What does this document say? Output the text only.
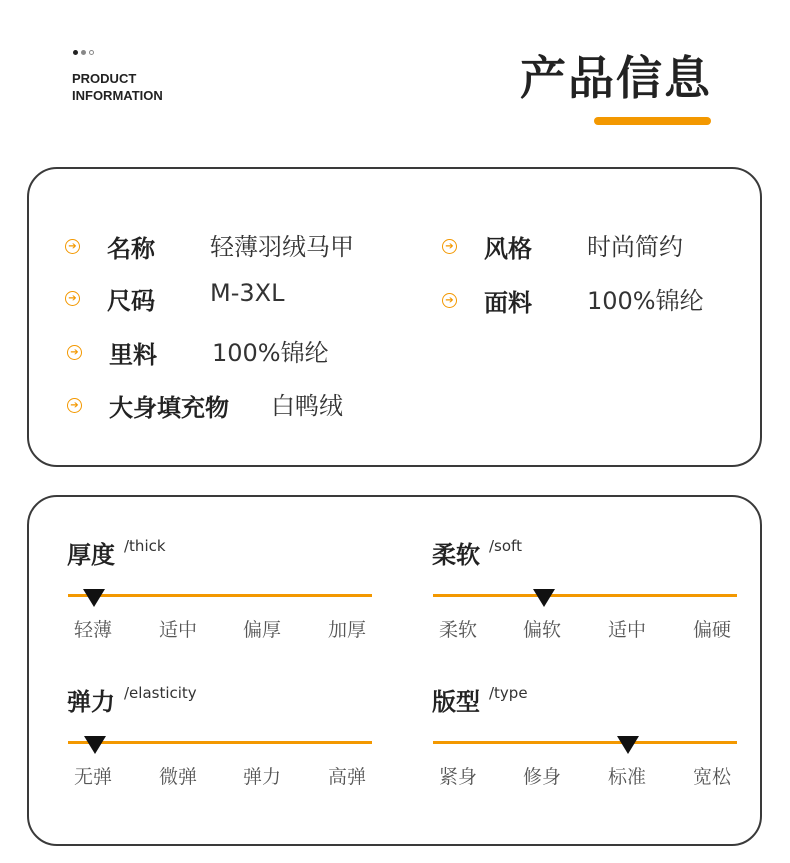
PRODUCT
INFORMATION	产品信息
➔ 名称 轻薄羽绒马甲	➔ 风格 时尚简约
➔ 尺码 M-3XL	➔ 面料 100%锦纶
➔ 里料 100%锦纶
➔ 大身填充物 白鸭绒
厚度 /thick
轻薄 适中 偏厚 加厚
柔软 /soft
柔软 偏软 适中 偏硬
弹力 /elasticity
无弹 微弹 弹力 高弹
版型 /type
紧身 修身 标准 宽松
